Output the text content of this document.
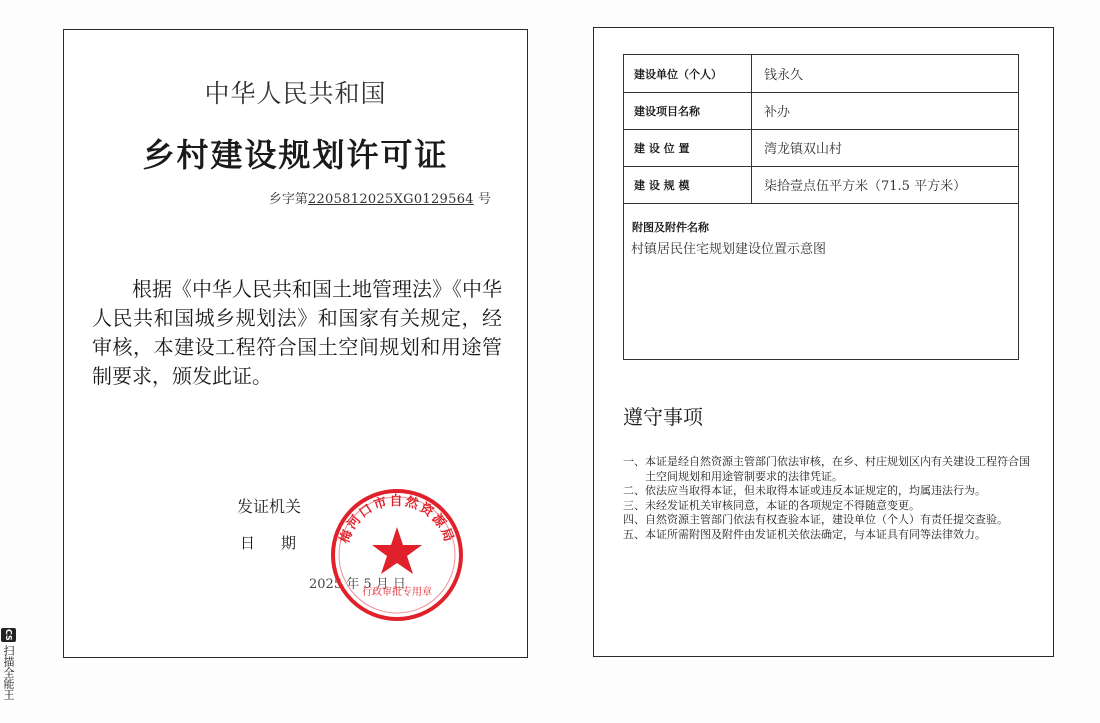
中华人民共和国
乡村建设规划许可证
乡字第2205812025XG0129564 号
根据《中华人民共和国土地管理法》《中华人民共和国城乡规划法》和国家有关规定，经审核，本建设工程符合国土空间规划和用途管制要求，颁发此证。
发证机关
日 期
2025 年 5 月 日
梅河口市自然资源局
行政审批专用章
建设单位（个人）	钱永久
建设项目名称	补办
建 设 位 置	湾龙镇双山村
建 设 规 模	柒拾壹点伍平方米（71.5 平方米）
附图及附件名称
村镇居民住宅规划建设位置示意图
遵守事项
一、 本证是经自然资源主管部门依法审核，在乡、村庄规划区内有关建设工程符合国土空间规划和用途管制要求的法律凭证。
二、 依法应当取得本证，但未取得本证或违反本证规定的，均属违法行为。
三、 未经发证机关审核同意，本证的各项规定不得随意变更。
四、 自然资源主管部门依法有权查验本证，建设单位（个人）有责任提交查验。
五、 本证所需附图及附件由发证机关依法确定，与本证具有同等法律效力。
CS扫描全能王
